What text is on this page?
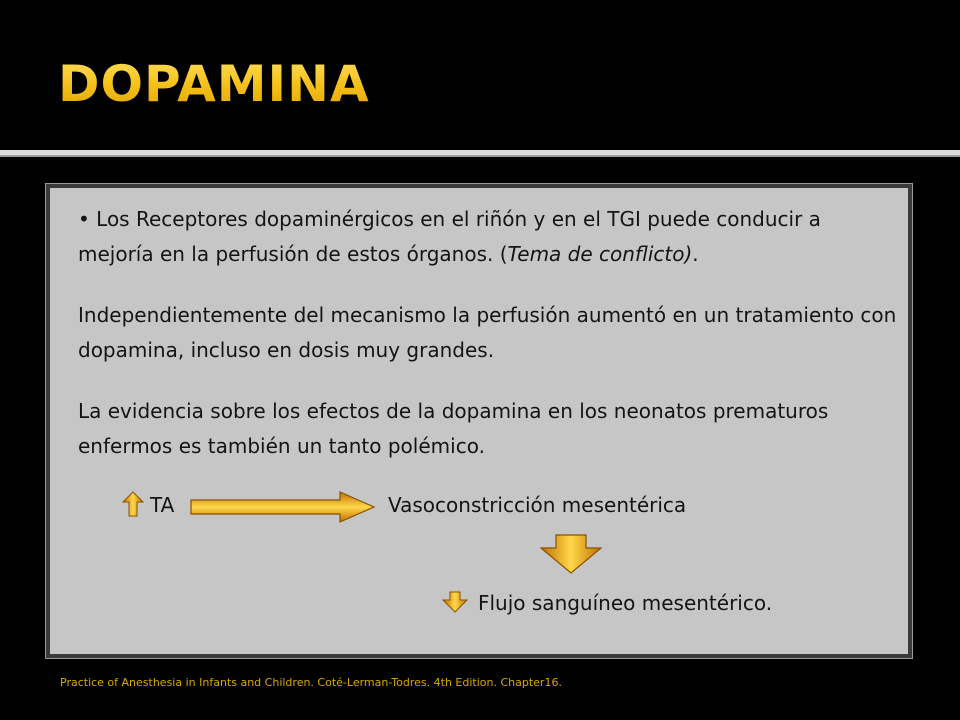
DOPAMINA

• Los Receptores dopaminérgicos en el riñón y en el TGI puede conducir a mejoría en la perfusión de estos órganos. (Tema de conflicto).

Independientemente del mecanismo la perfusión aumentó en un tratamiento con dopamina, incluso en dosis muy grandes.

La evidencia sobre los efectos de la dopamina en los neonatos prematuros enfermos es también un tanto polémico.

TA	Vasoconstricción mesentérica
Flujo sanguíneo mesentérico.

Practice of Anesthesia in Infants and Children. Coté-Lerman-Todres. 4th Edition. Chapter16.
